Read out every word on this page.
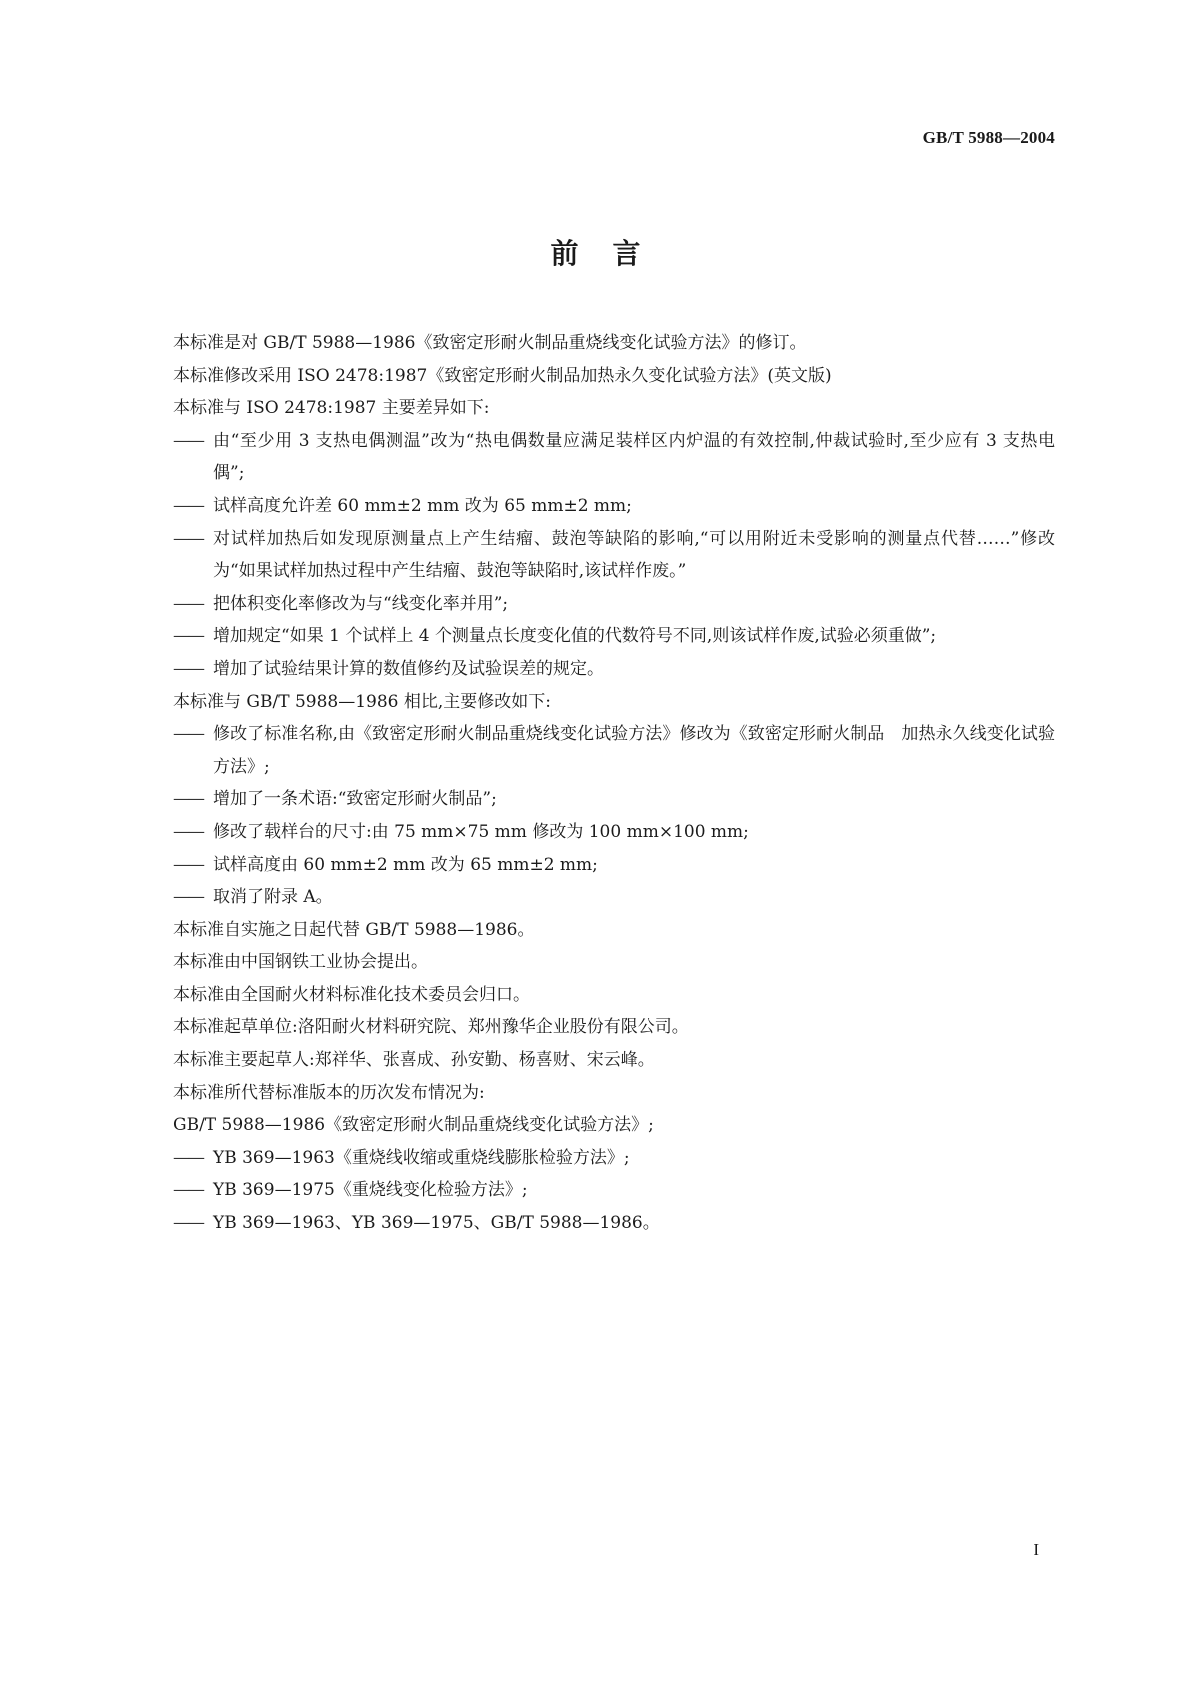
GB/T 5988—2004
前言

本标准是对 GB/T 5988—1986《致密定形耐火制品重烧线变化试验方法》的修订。

本标准修改采用 ISO 2478:1987《致密定形耐火制品加热永久变化试验方法》(英文版)

本标准与 ISO 2478:1987 主要差异如下:

—— 由“至少用 3 支热电偶测温”改为“热电偶数量应满足装样区内炉温的有效控制,仲裁试验时,至少应有 3 支热电偶”;
—— 试样高度允许差 60 mm±2 mm 改为 65 mm±2 mm;
—— 对试样加热后如发现原测量点上产生结瘤、鼓泡等缺陷的影响,“可以用附近未受影响的测量点代替……”修改为“如果试样加热过程中产生结瘤、鼓泡等缺陷时,该试样作废。”
—— 把体积变化率修改为与“线变化率并用”;
—— 增加规定“如果 1 个试样上 4 个测量点长度变化值的代数符号不同,则该试样作废,试验必须重做”;
—— 增加了试验结果计算的数值修约及试验误差的规定。

本标准与 GB/T 5988—1986 相比,主要修改如下:

—— 修改了标准名称,由《致密定形耐火制品重烧线变化试验方法》修改为《致密定形耐火制品　加热永久线变化试验方法》;
—— 增加了一条术语:“致密定形耐火制品”;
—— 修改了载样台的尺寸:由 75 mm×75 mm 修改为 100 mm×100 mm;
—— 试样高度由 60 mm±2 mm 改为 65 mm±2 mm;
—— 取消了附录 A。

本标准自实施之日起代替 GB/T 5988—1986。

本标准由中国钢铁工业协会提出。

本标准由全国耐火材料标准化技术委员会归口。

本标准起草单位:洛阳耐火材料研究院、郑州豫华企业股份有限公司。

本标准主要起草人:郑祥华、张喜成、孙安勤、杨喜财、宋云峰。

本标准所代替标准版本的历次发布情况为:

GB/T 5988—1986《致密定形耐火制品重烧线变化试验方法》;

—— YB 369—1963《重烧线收缩或重烧线膨胀检验方法》;
—— YB 369—1975《重烧线变化检验方法》;
—— YB 369—1963、YB 369—1975、GB/T 5988—1986。
I
